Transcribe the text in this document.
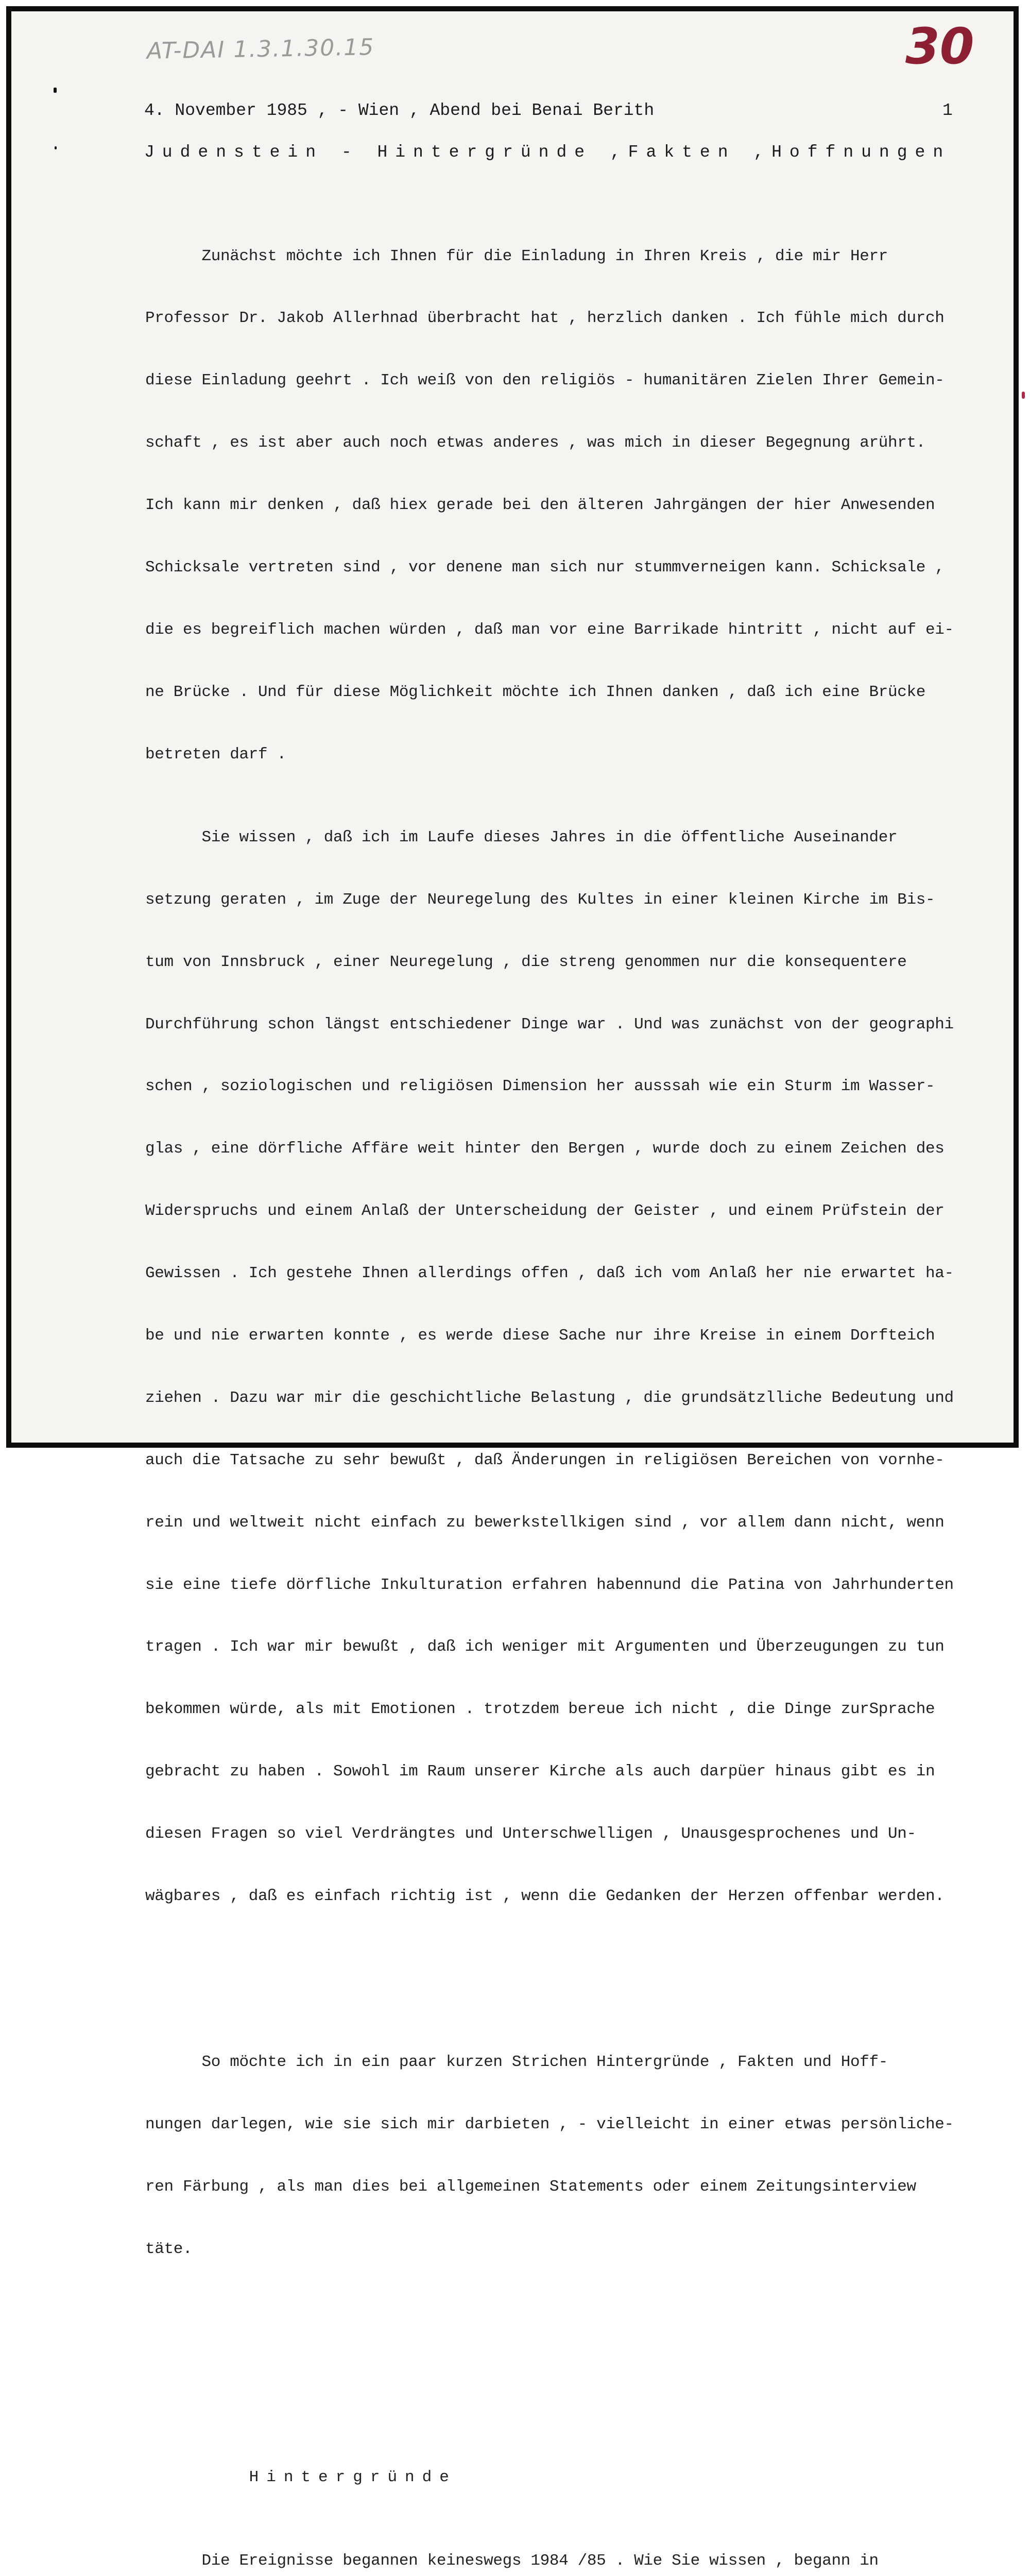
AT-DAI 1.3.1.30.15	30
4. November 1985 , - Wien , Abend bei Benai Berith	1
Judenstein - Hintergründe ,Fakten ,Hoffnungen

Zunächst möchte ich Ihnen für die Einladung in Ihren Kreis , die mir Herr

Professor Dr. Jakob Allerhnad überbracht hat , herzlich danken . Ich fühle mich durch

diese Einladung geehrt . Ich weiß von den religiös - humanitären Zielen Ihrer Gemein-

schaft , es ist aber auch noch etwas anderes , was mich in dieser Begegnung arührt.

Ich kann mir denken , daß hiex gerade bei den älteren Jahrgängen der hier Anwesenden

Schicksale vertreten sind , vor denene man sich nur stummverneigen kann. Schicksale ,

die es begreiflich machen würden , daß man vor eine Barrikade hintritt , nicht auf ei-

ne Brücke . Und für diese Möglichkeit möchte ich Ihnen danken , daß ich eine Brücke

betreten darf .

Sie wissen , daß ich im Laufe dieses Jahres in die öffentliche Auseinander

setzung geraten , im Zuge der Neuregelung des Kultes in einer kleinen Kirche im Bis-

tum von Innsbruck , einer Neuregelung , die streng genommen nur die konsequentere

Durchführung schon längst entschiedener Dinge war . Und was zunächst von der geographi

schen , soziologischen und religiösen Dimension her ausssah wie ein Sturm im Wasser-

glas , eine dörfliche Affäre weit hinter den Bergen , wurde doch zu einem Zeichen des

Widerspruchs und einem Anlaß der Unterscheidung der Geister , und einem Prüfstein der

Gewissen . Ich gestehe Ihnen allerdings offen , daß ich vom Anlaß her nie erwartet ha-

be und nie erwarten konnte , es werde diese Sache nur ihre Kreise in einem Dorfteich

ziehen . Dazu war mir die geschichtliche Belastung , die grundsätzlliche Bedeutung und

auch die Tatsache zu sehr bewußt , daß Änderungen in religiösen Bereichen von vornhe-

rein und weltweit nicht einfach zu bewerkstellkigen sind , vor allem dann nicht, wenn

sie eine tiefe dörfliche Inkulturation erfahren habennund die Patina von Jahrhunderten

tragen . Ich war mir bewußt , daß ich weniger mit Argumenten und Überzeugungen zu tun

bekommen würde, als mit Emotionen . trotzdem bereue ich nicht , die Dinge zurSprache

gebracht zu haben . Sowohl im Raum unserer Kirche als auch darpüer hinaus gibt es in

diesen Fragen so viel Verdrängtes und Unterschwelligen , Unausgesprochenes und Un-

wägbares , daß es einfach richtig ist , wenn die Gedanken der Herzen offenbar werden.

So möchte ich in ein paar kurzen Strichen Hintergründe , Fakten und Hoff-

nungen darlegen, wie sie sich mir darbieten , - vielleicht in einer etwas persönliche-

ren Färbung , als man dies bei allgemeinen Statements oder einem Zeitungsinterview

täte.

Hintergründe

Die Ereignisse begannen keineswegs 1984 /85 . Wie Sie wissen , begann in
